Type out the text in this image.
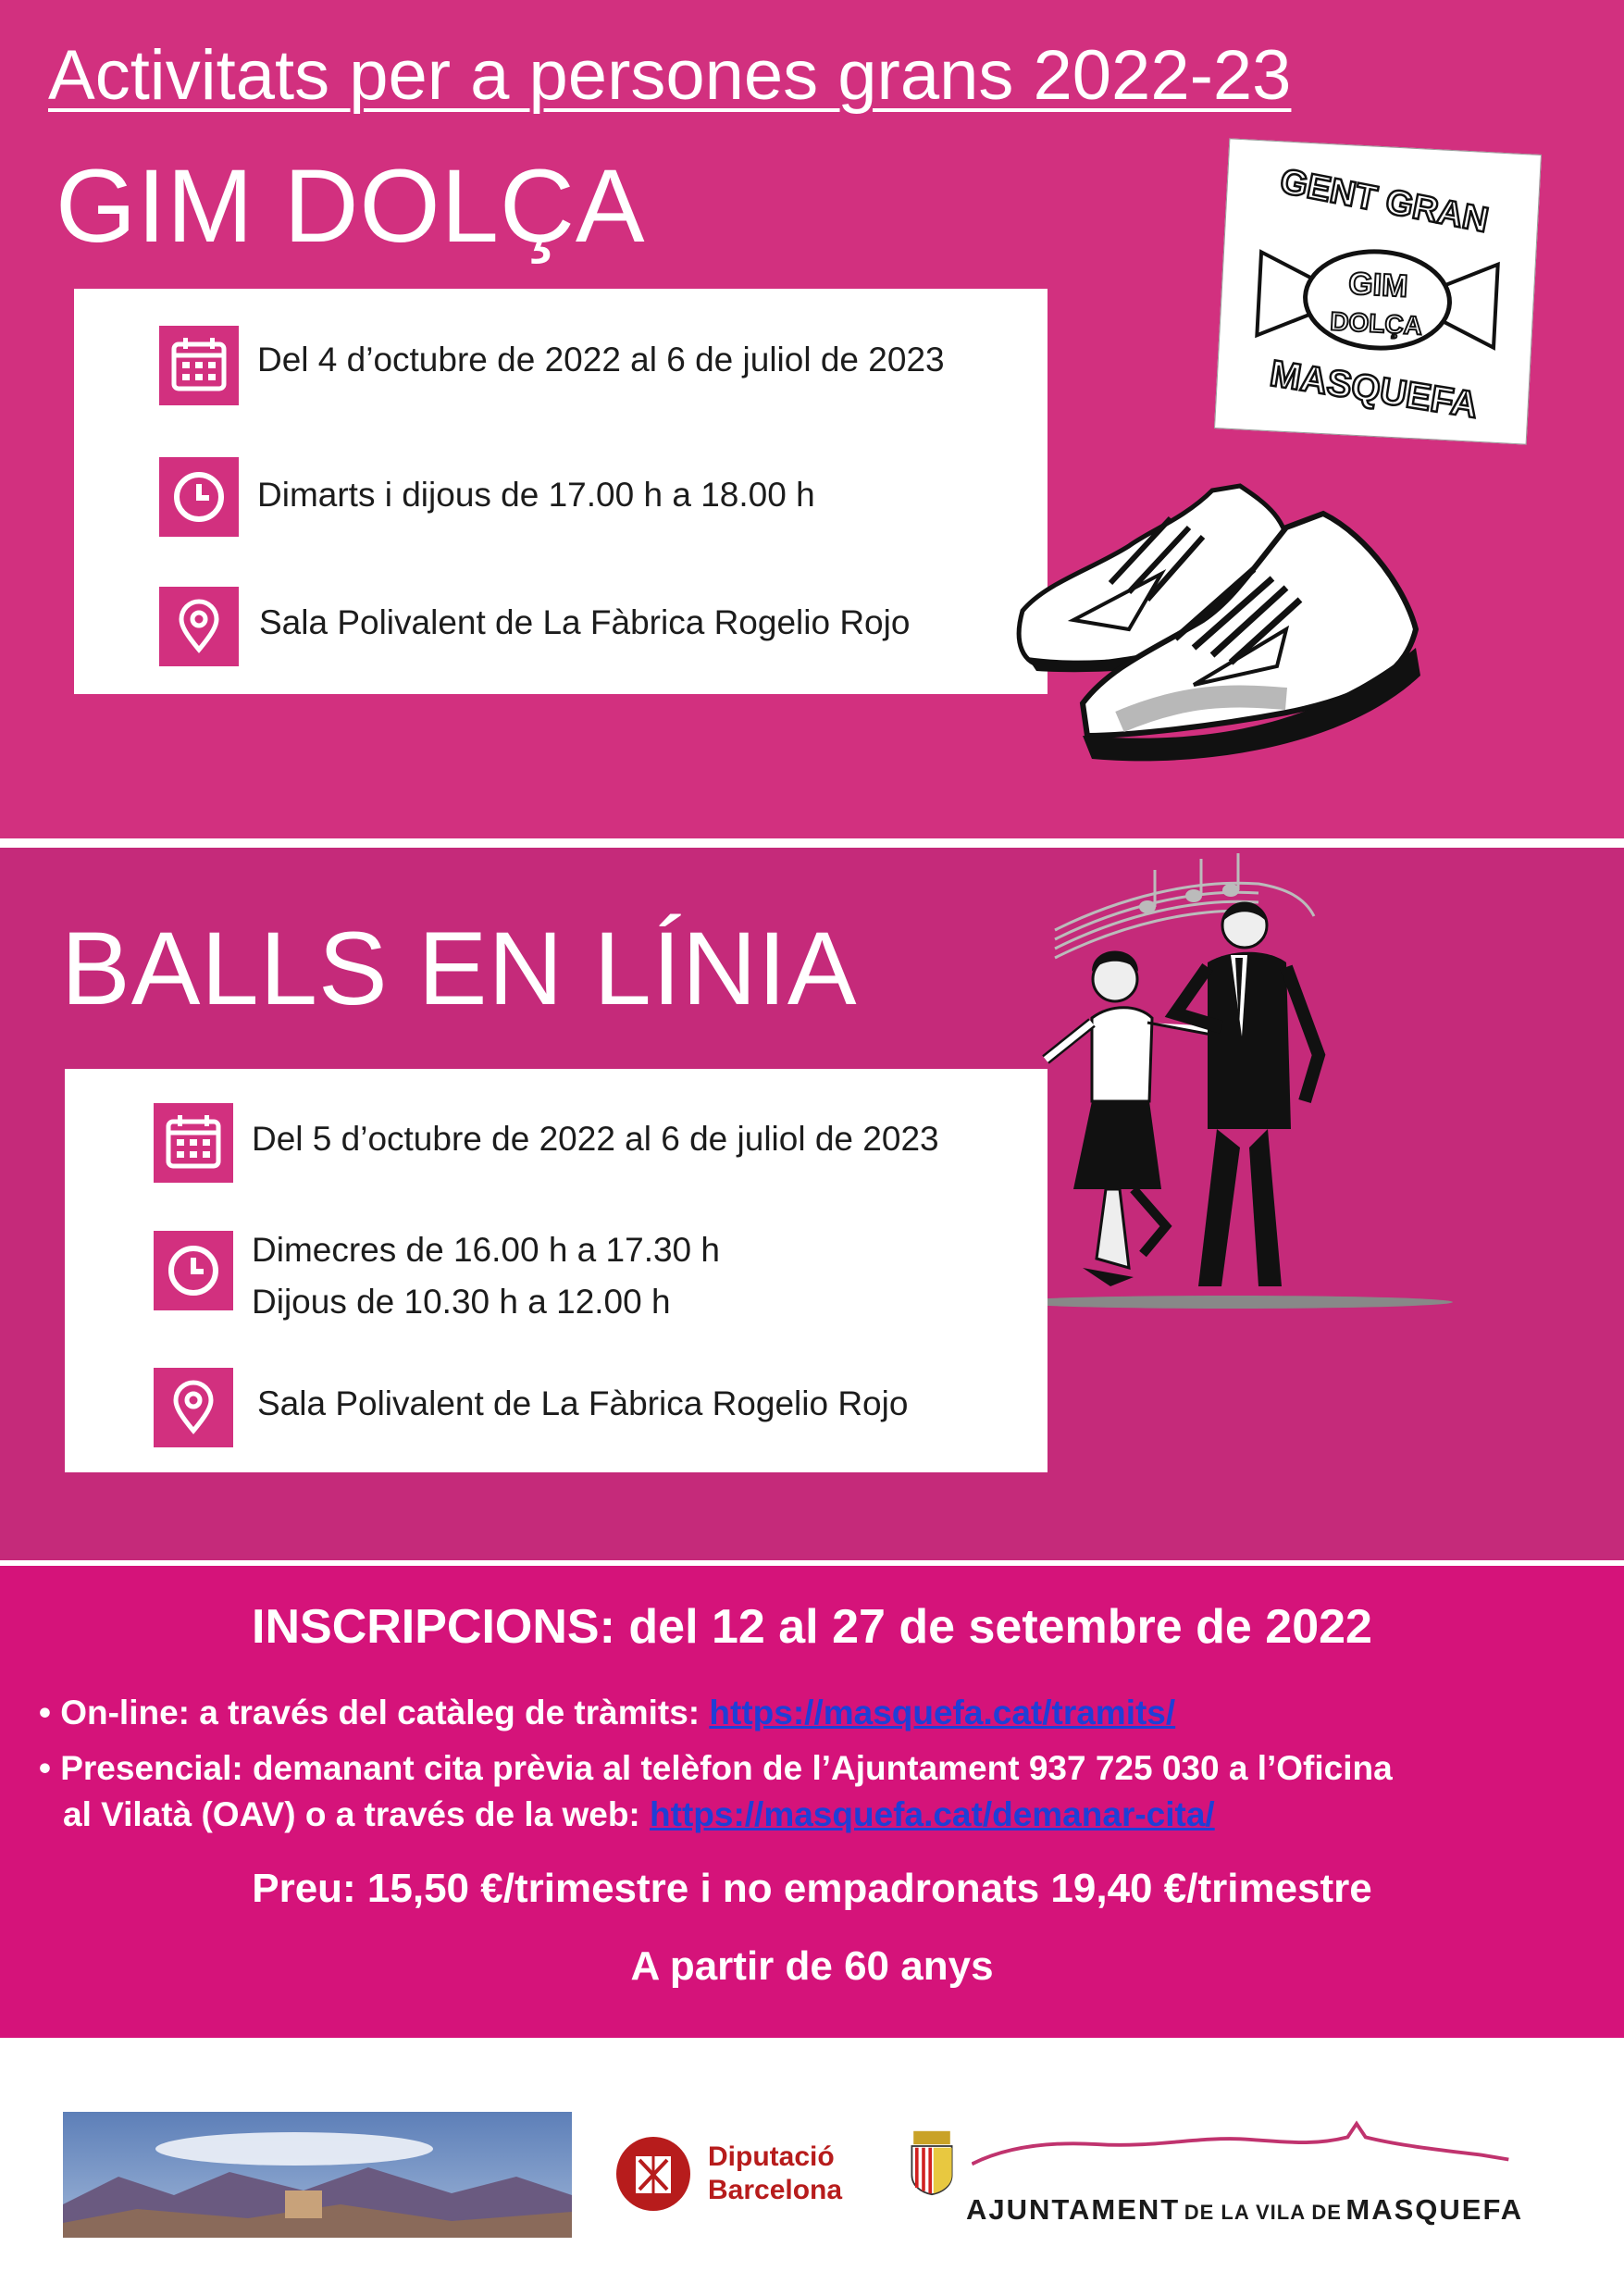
Activitats per a persones grans 2022-23
GIM DOLÇA	GENT GRAN
GIM
DOLÇA
MASQUEFA
Del 4 d’octubre de 2022 al 6 de juliol de 2023
Dimarts i dijous de 17.00 h a 18.00 h
Sala Polivalent de La Fàbrica Rogelio Rojo
BALLS EN LÍNIA
Del 5 d’octubre de 2022 al 6 de juliol de 2023
Dimecres de 16.00 h a 17.30 h
Dijous de 10.30 h a 12.00 h
Sala Polivalent de La Fàbrica Rogelio Rojo
INSCRIPCIONS: del 12 al 27 de setembre de 2022
• On-line: a través del catàleg de tràmits: https://masquefa.cat/tramits/
• Presencial: demanant cita prèvia al telèfon de l’Ajuntament 937 725 030 a l’Oficina
al Vilatà (OAV) o a través de la web: https://masquefa.cat/demanar-cita/
Preu: 15,50 €/trimestre i no empadronats 19,40 €/trimestre
A partir de 60 anys
Diputació
Barcelona
AJUNTAMENT DE LA VILA DE MASQUEFA
